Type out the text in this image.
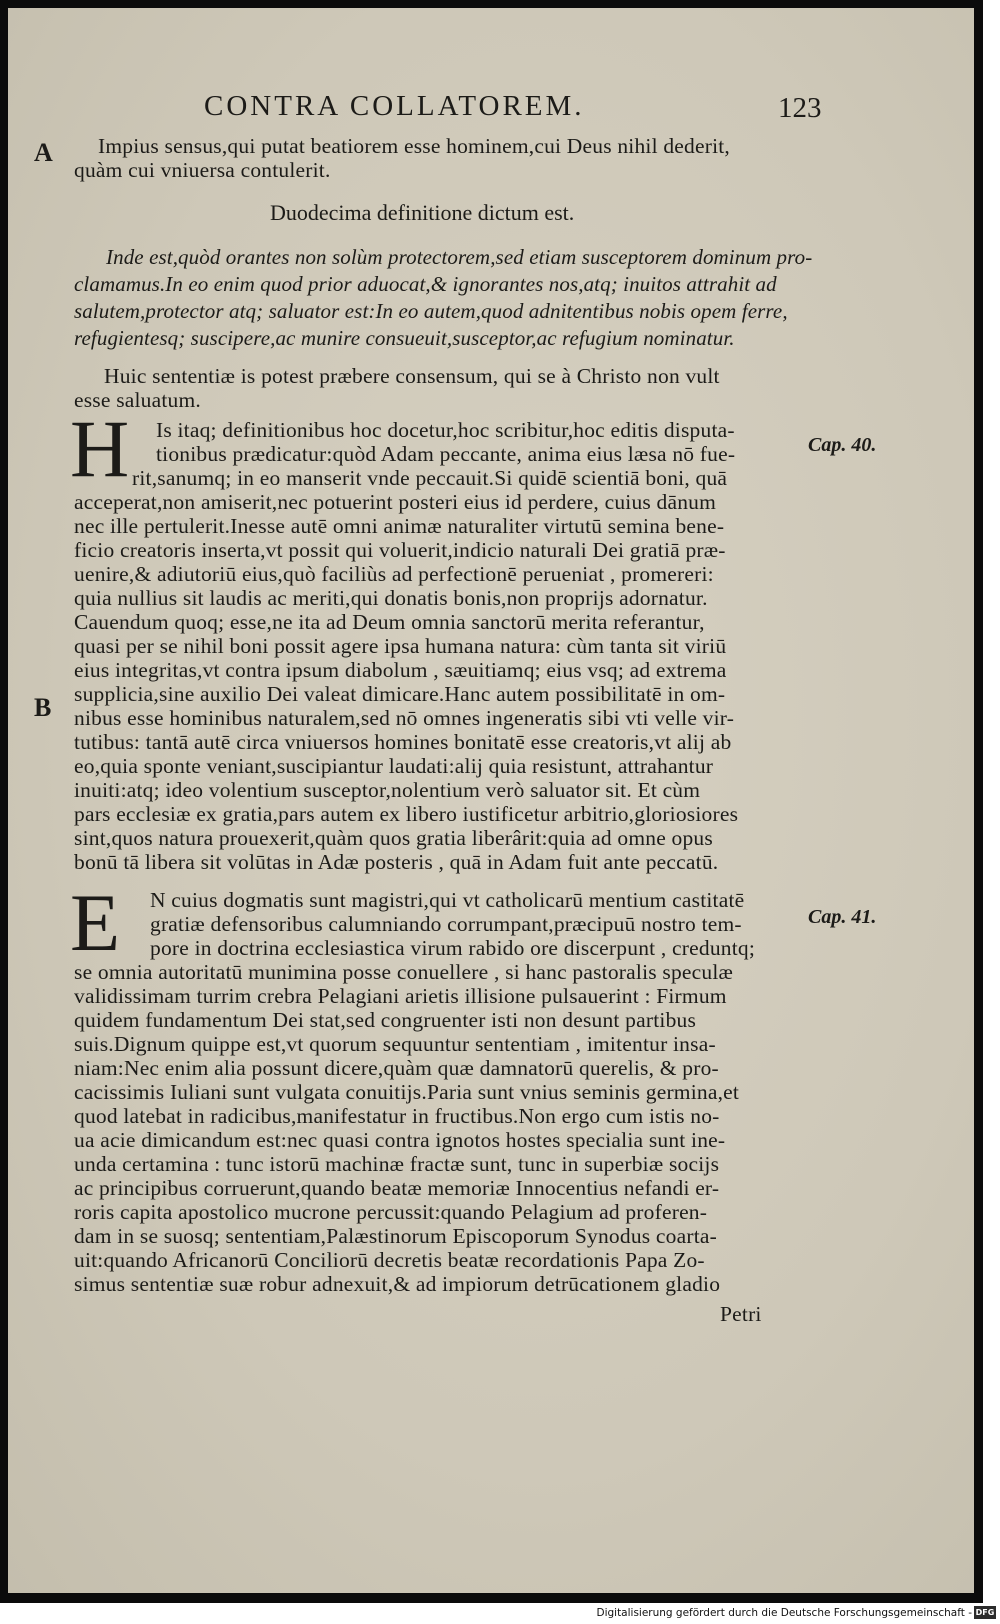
CONTRA COLLATOREM.	123
A
B
Impius sensus,qui putat beatiorem esse hominem,cui Deus nihil dederit,
quàm cui vniuersa contulerit.
Duodecima definitione dictum est.
Inde est,quòd orantes non solùm protectorem,sed etiam susceptorem dominum pro-
clamamus.In eo enim quod prior aduocat,& ignorantes nos,atq; inuitos attrahit ad
salutem,protector atq; saluator est:In eo autem,quod adnitentibus nobis opem ferre,
refugientesq; suscipere,ac munire consueuit,susceptor,ac refugium nominatur.
Huic sententiæ is potest præbere consensum, qui se à Christo non vult
esse saluatum.
Cap. 40.
H Is itaq; definitionibus hoc docetur,hoc scribitur,hoc editis disputa-
tionibus prædicatur:quòd Adam peccante, anima eius læsa nō fue-
rit,sanumq; in eo manserit vnde peccauit.Si quidē scientiā boni, quā
acceperat,non amiserit,nec potuerint posteri eius id perdere, cuius dānum
nec ille pertulerit.Inesse autē omni animæ naturaliter virtutū semina bene-
ficio creatoris inserta,vt possit qui voluerit,indicio naturali Dei gratiā præ-
uenire,& adiutoriū eius,quò faciliùs ad perfectionē perueniat , promereri:
quia nullius sit laudis ac meriti,qui donatis bonis,non proprijs adornatur.
Cauendum quoq; esse,ne ita ad Deum omnia sanctorū merita referantur,
quasi per se nihil boni possit agere ipsa humana natura: cùm tanta sit viriū
eius integritas,vt contra ipsum diabolum , sæuitiamq; eius vsq; ad extrema
supplicia,sine auxilio Dei valeat dimicare.Hanc autem possibilitatē in om-
nibus esse hominibus naturalem,sed nō omnes ingeneratis sibi vti velle vir-
tutibus: tantā autē circa vniuersos homines bonitatē esse creatoris,vt alij ab
eo,quia sponte veniant,suscipiantur laudati:alij quia resistunt, attrahantur
inuiti:atq; ideo volentium susceptor,nolentium verò saluator sit. Et cùm
pars ecclesiæ ex gratia,pars autem ex libero iustificetur arbitrio,gloriosiores
sint,quos natura prouexerit,quàm quos gratia liberârit:quia ad omne opus
bonū tā libera sit volūtas in Adæ posteris , quā in Adam fuit ante peccatū.
Cap. 41.
E N cuius dogmatis sunt magistri,qui vt catholicarū mentium castitatē
gratiæ defensoribus calumniando corrumpant,præcipuū nostro tem-
pore in doctrina ecclesiastica virum rabido ore discerpunt , creduntq;
se omnia autoritatū munimina posse conuellere , si hanc pastoralis speculæ
validissimam turrim crebra Pelagiani arietis illisione pulsauerint : Firmum
quidem fundamentum Dei stat,sed congruenter isti non desunt partibus
suis.Dignum quippe est,vt quorum sequuntur sententiam , imitentur insa-
niam:Nec enim alia possunt dicere,quàm quæ damnatorū querelis, & pro-
cacissimis Iuliani sunt vulgata conuitijs.Paria sunt vnius seminis germina,et
quod latebat in radicibus,manifestatur in fructibus.Non ergo cum istis no-
ua acie dimicandum est:nec quasi contra ignotos hostes specialia sunt ine-
unda certamina : tunc istorū machinæ fractæ sunt, tunc in superbiæ socijs
ac principibus corruerunt,quando beatæ memoriæ Innocentius nefandi er-
roris capita apostolico mucrone percussit:quando Pelagium ad proferen-
dam in se suosq; sententiam,Palæstinorum Episcoporum Synodus coarta-
uit:quando Africanorū Conciliorū decretis beatæ recordationis Papa Zo-
simus sententiæ suæ robur adnexuit,& ad impiorum detrūcationem gladio
Petri
Digitalisierung gefördert durch die Deutsche Forschungsgemeinschaft - DFG
